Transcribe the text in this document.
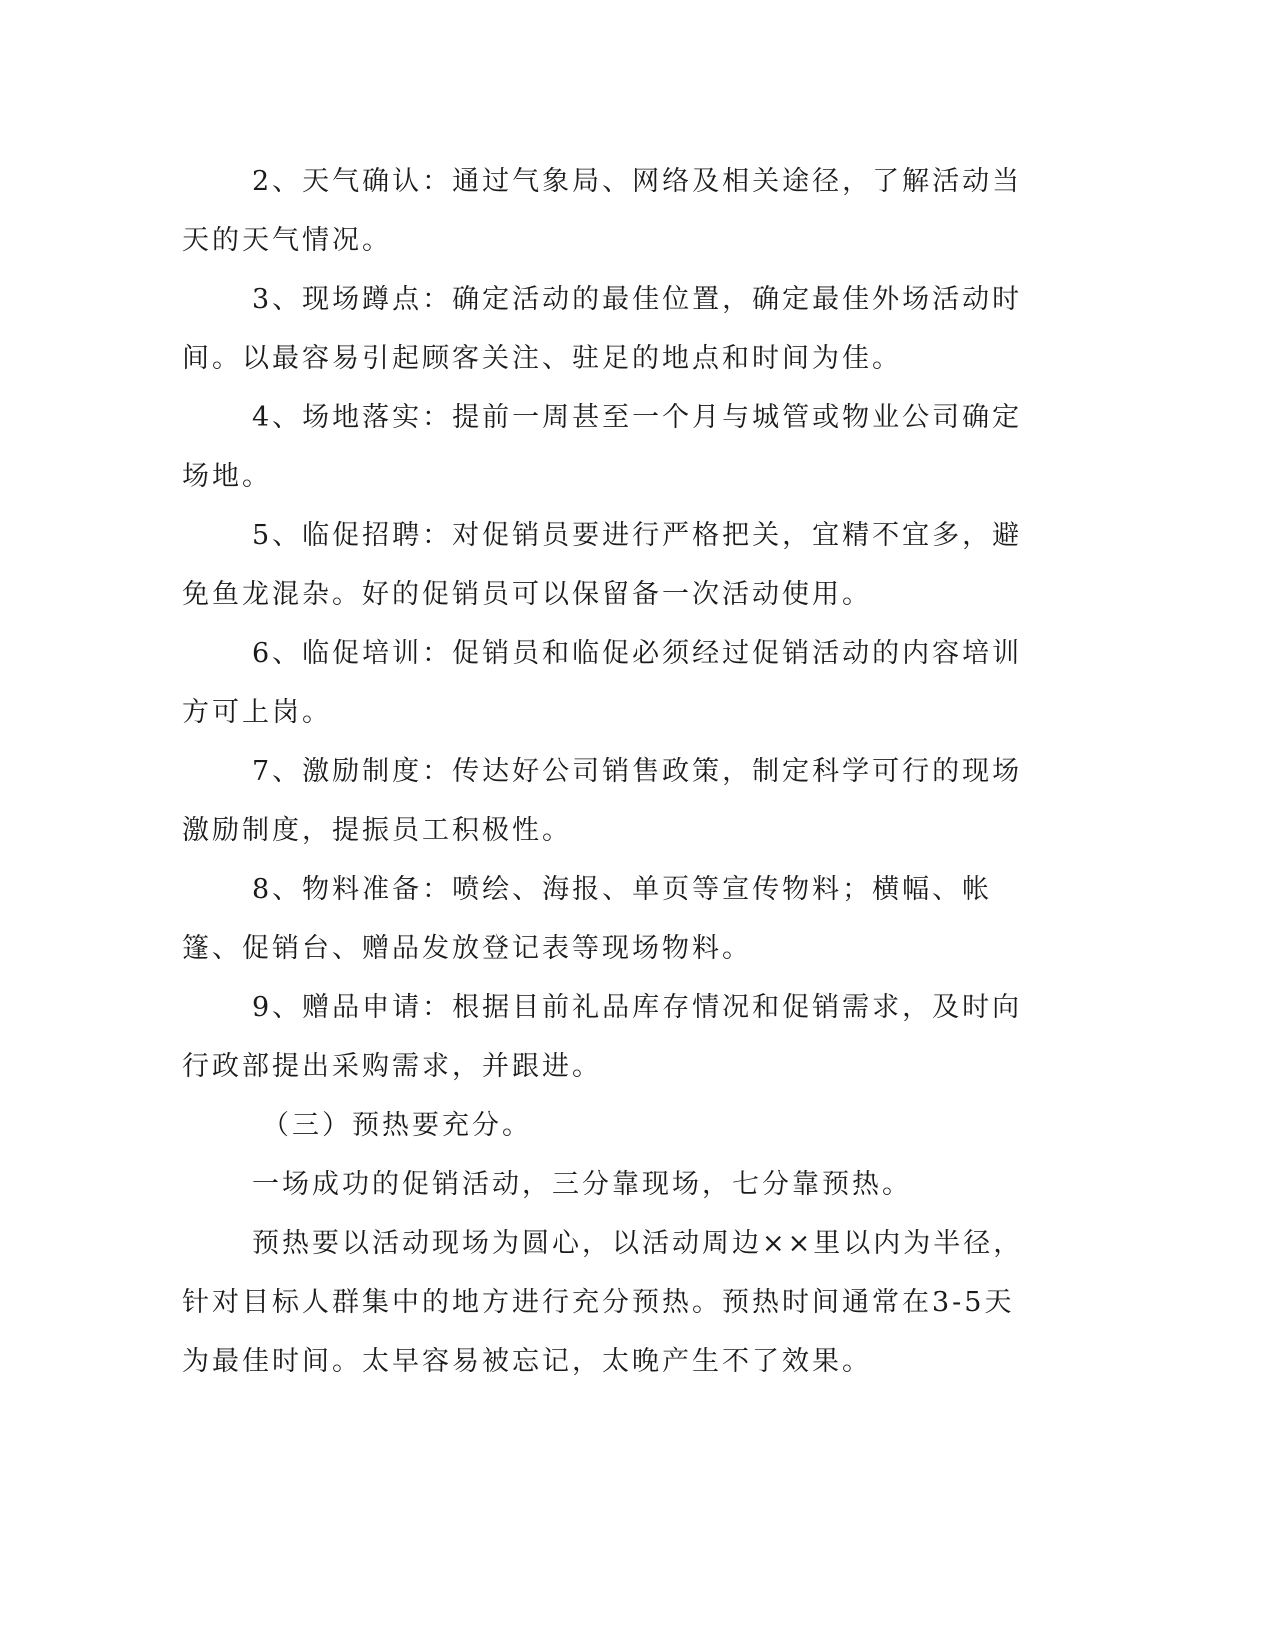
2、天气确认：通过气象局、网络及相关途径，了解活动当天的天气情况。

3、现场蹲点：确定活动的最佳位置，确定最佳外场活动时间。以最容易引起顾客关注、驻足的地点和时间为佳。

4、场地落实：提前一周甚至一个月与城管或物业公司确定场地。

5、临促招聘：对促销员要进行严格把关，宜精不宜多，避免鱼龙混杂。好的促销员可以保留备一次活动使用。

6、临促培训：促销员和临促必须经过促销活动的内容培训方可上岗。

7、激励制度：传达好公司销售政策，制定科学可行的现场激励制度，提振员工积极性。

8、物料准备：喷绘、海报、单页等宣传物料；横幅、帐篷、促销台、赠品发放登记表等现场物料。

9、赠品申请：根据目前礼品库存情况和促销需求，及时向行政部提出采购需求，并跟进。

（三）预热要充分。

一场成功的促销活动，三分靠现场，七分靠预热。

预热要以活动现场为圆心，以活动周边××里以内为半径，针对目标人群集中的地方进行充分预热。预热时间通常在3-5天为最佳时间。太早容易被忘记，太晚产生不了效果。
